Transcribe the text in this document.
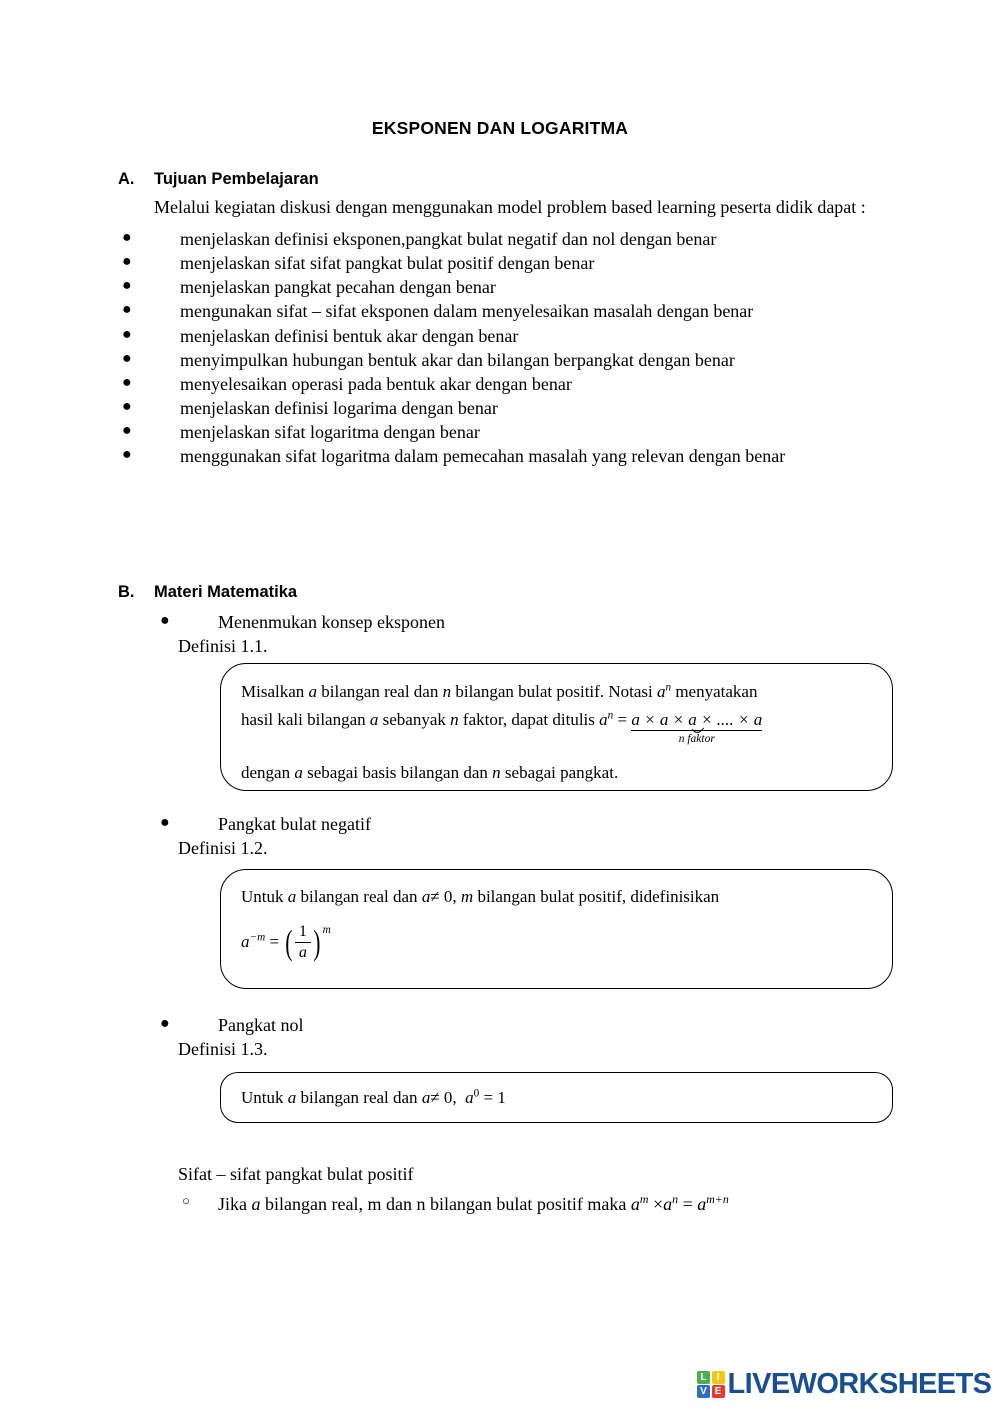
EKSPONEN DAN LOGARITMA
A.	Tujuan Pembelajaran
Melalui kegiatan diskusi dengan menggunakan model problem based learning peserta didik dapat :
●	menjelaskan definisi eksponen,pangkat bulat negatif dan nol dengan benar
●	menjelaskan sifat sifat pangkat bulat positif dengan benar
●	menjelaskan pangkat pecahan dengan benar
●	mengunakan sifat – sifat eksponen dalam menyelesaikan masalah dengan benar
●	menjelaskan definisi bentuk akar dengan benar
●	menyimpulkan hubungan bentuk akar dan bilangan berpangkat dengan benar
●	menyelesaikan operasi pada bentuk akar dengan benar
●	menjelaskan definisi logarima dengan benar
●	menjelaskan sifat logaritma dengan benar
●	menggunakan sifat logaritma dalam pemecahan masalah yang relevan dengan benar
B.	Materi Matematika
●	Menenmukan konsep eksponen
Definisi 1.1.
Misalkan a bilangan real dan n bilangan bulat positif. Notasi $a^n$ menyatakan
hasil kali bilangan a sebanyak n faktor, dapat ditulis $a^n = a \times a \times a$ × .... × a
n faktor
dengan a sebagai basis bilangan dan n sebagai pangkat.
●	Pangkat bulat negatif
Definisi 1.2.
Untuk a bilangan real dan a≠ 0, m bilangan bulat positif, didefinisikan
$a^{-m}$ = ( $\frac{1}{a}$ ) $^m$
●	Pangkat nol
Definisi 1.3.
Untuk a bilangan real dan a≠ 0, $a^0 = 1$
Sifat – sifat pangkat bulat positif
○ Jika a bilangan real, m dan n bilangan bulat positif maka $a^m \times a^n = a^{m+n}$
L	I
V E LIVEWORKSHEETS
